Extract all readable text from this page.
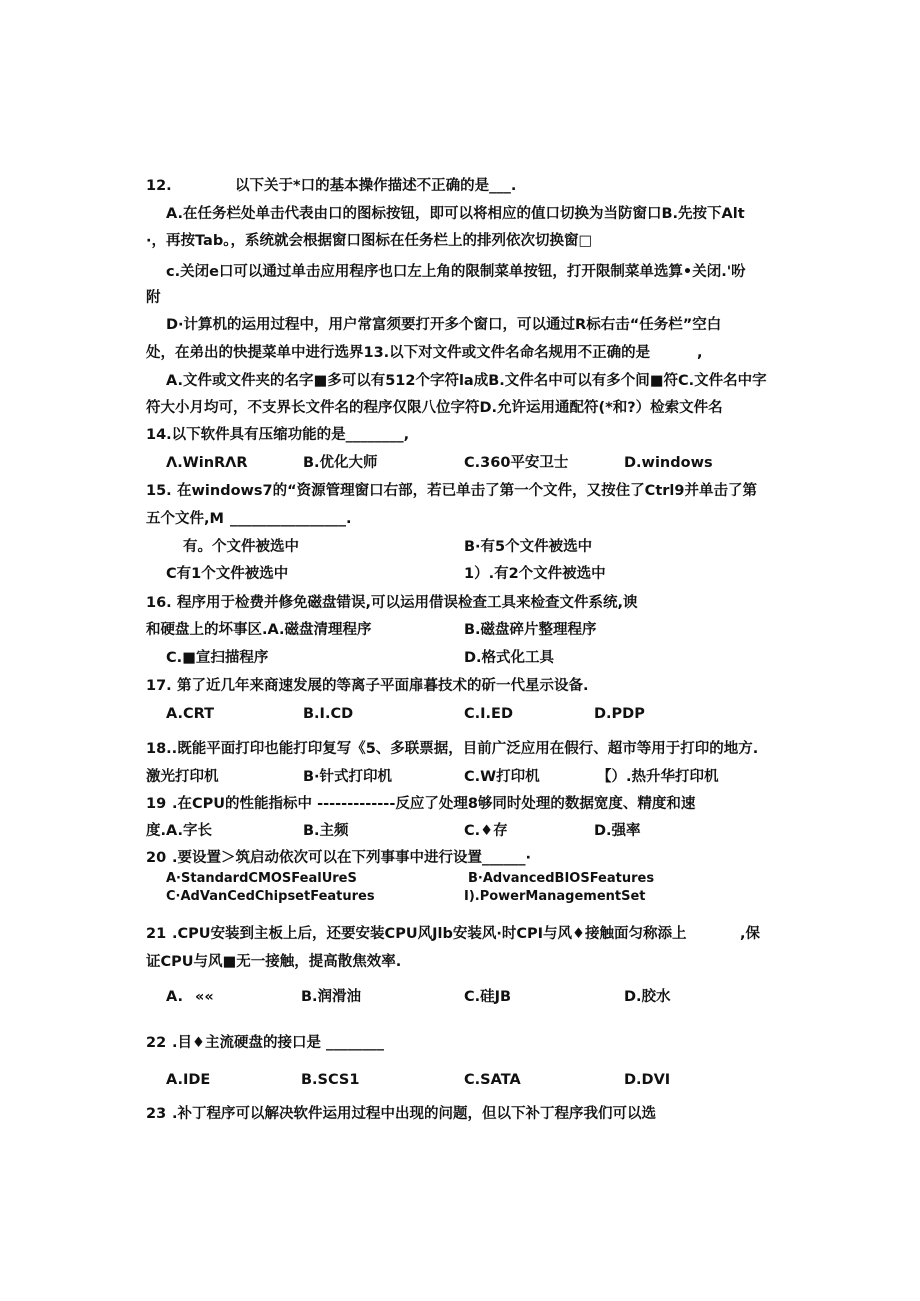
12.	以下关于*口的基本操作描述不正确的是___.
A.在任务栏处单击代表由口的图标按钮，即可以将相应的值口切换为当防窗口B.先按下Alt
·，再按Tab。，系统就会根据窗口图标在任务栏上的排列依次切换窗□
c.关闭e口可以通过单击应用程序也口左上角的限制菜单按钮，打开限制菜单选算•关闭.'吩
附
D·计算机的运用过程中，用户常富须要打开多个窗口，可以通过R标右击“任务栏”空白
处，在弟出的快提菜单中进行选界13.以下对文件或文件名命名规用不正确的是	,
A.文件或文件夹的名字■多可以有512个字符la成B.文件名中可以有多个间■符C.文件名中字
符大小月均可，不支界长文件名的程序仅限八位字符D.允许运用通配符(*和?）检索文件名
14.以下软件具有压缩功能的是________,
Λ.WinRΛR	B.优化大师	C.360平安卫士	D.windows
15. 在windows7的“资源管理窗口右部，若已单击了第一个文件，又按住了Ctrl9并单击了第
五个文件,M ________________.
有。个文件被选中	B·有5个文件被选中
C有1个文件被选中	1）.有2个文件被选中
16. 程序用于检费并修免磁盘错误,可以运用借误检查工具来检查文件系统,谀
和硬盘上的坏事区.A.磁盘清理程序	B.磁盘碎片整理程序
C.■宣扫描程序	D.格式化工具
17. 第了近几年来商速发展的等离子平面扉暮技术的斫一代星示设备.
A.CRT	B.I.CD	C.I.ED	D.PDP
18..既能平面打印也能打印复写《5、多联票据，目前广泛应用在假行、超市等用于打印的地方.
激光打印机	B·针式打印机	C.W打印机	【）.热升华打印机
19 .在CPU的性能指标中 -------------反应了处理8够同时处理的数据宽度、精度和速
度.A.字长	B.主频	C.♦存	D.强率
20 .要设置＞筑启动依次可以在下列事事中进行设置______·
A·StandardCMOSFealUreS	B·AdvancedBIOSFeatures
C·AdVanCedChipsetFeatures	I).PowerManagementSet
21 .CPU安装到主板上后，还要安装CPU风Jlb安装风·时CPI与风♦接触面匀称添上	,保
证CPU与风■无一接触，提高散焦效率.
A. ««	B.润滑油	C.硅JB	D.胶水
22 .目♦主流硬盘的接口是 ________
A.IDE	B.SCS1	C.SATA	D.DVI
23 .补丁程序可以解决软件运用过程中出现的问题，但以下补丁程序我们可以选
